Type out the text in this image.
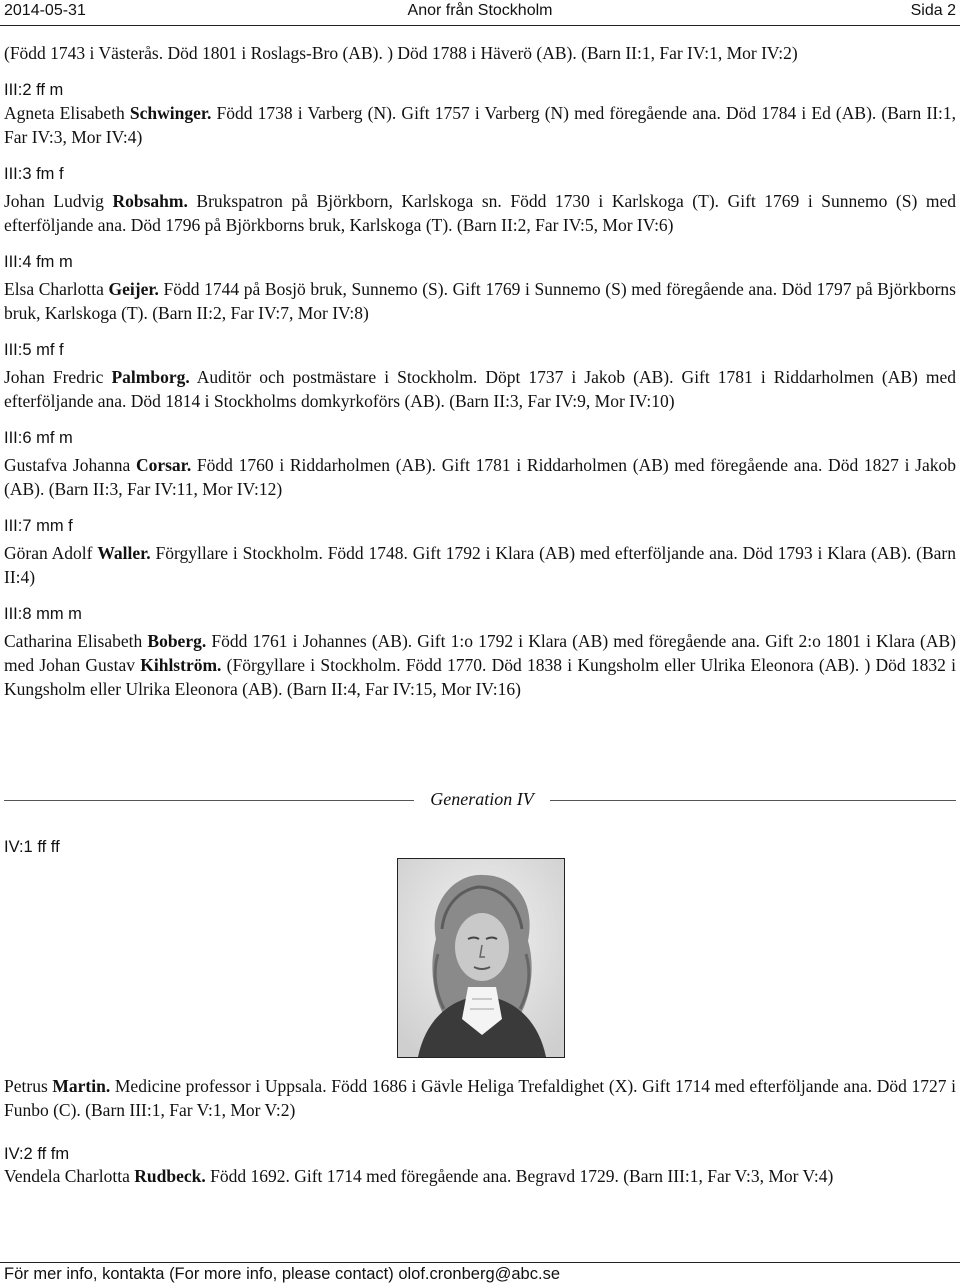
2014-05-31	Anor från Stockholm	Sida 2

(Född 1743 i Västerås. Död 1801 i Roslags-Bro (AB). ) Död 1788 i Häverö (AB). (Barn II:1, Far IV:1, Mor IV:2)

III:2 ff m

Agneta Elisabeth Schwinger. Född 1738 i Varberg (N). Gift 1757 i Varberg (N) med föregående ana. Död 1784 i Ed (AB). (Barn II:1, Far IV:3, Mor IV:4)

III:3 fm f

Johan Ludvig Robsahm. Brukspatron på Björkborn, Karlskoga sn. Född 1730 i Karlskoga (T). Gift 1769 i Sunnemo (S) med efterföljande ana. Död 1796 på Björkborns bruk, Karlskoga (T). (Barn II:2, Far IV:5, Mor IV:6)

III:4 fm m

Elsa Charlotta Geijer. Född 1744 på Bosjö bruk, Sunnemo (S). Gift 1769 i Sunnemo (S) med föregående ana. Död 1797 på Björkborns bruk, Karlskoga (T). (Barn II:2, Far IV:7, Mor IV:8)

III:5 mf f

Johan Fredric Palmborg. Auditör och postmästare i Stockholm. Döpt 1737 i Jakob (AB). Gift 1781 i Riddarholmen (AB) med efterföljande ana. Död 1814 i Stockholms domkyrkoförs (AB). (Barn II:3, Far IV:9, Mor IV:10)

III:6 mf m

Gustafva Johanna Corsar. Född 1760 i Riddarholmen (AB). Gift 1781 i Riddarholmen (AB) med föregående ana. Död 1827 i Jakob (AB). (Barn II:3, Far IV:11, Mor IV:12)

III:7 mm f

Göran Adolf Waller. Förgyllare i Stockholm. Född 1748. Gift 1792 i Klara (AB) med efterföljande ana. Död 1793 i Klara (AB). (Barn II:4)

III:8 mm m

Catharina Elisabeth Boberg. Född 1761 i Johannes (AB). Gift 1:o 1792 i Klara (AB) med föregående ana. Gift 2:o 1801 i Klara (AB) med Johan Gustav Kihlström. (Förgyllare i Stockholm. Född 1770. Död 1838 i Kungsholm eller Ulrika Eleonora (AB). ) Död 1832 i Kungsholm eller Ulrika Eleonora (AB). (Barn II:4, Far IV:15, Mor IV:16)

Generation IV
IV:1 ff ff

Petrus Martin. Medicine professor i Uppsala. Född 1686 i Gävle Heliga Trefaldighet (X). Gift 1714 med efterföljande ana. Död 1727 i Funbo (C). (Barn III:1, Far V:1, Mor V:2)

IV:2 ff fm

Vendela Charlotta Rudbeck. Född 1692. Gift 1714 med föregående ana. Begravd 1729. (Barn III:1, Far V:3, Mor V:4)

För mer info, kontakta (For more info, please contact) olof.cronberg@abc.se
